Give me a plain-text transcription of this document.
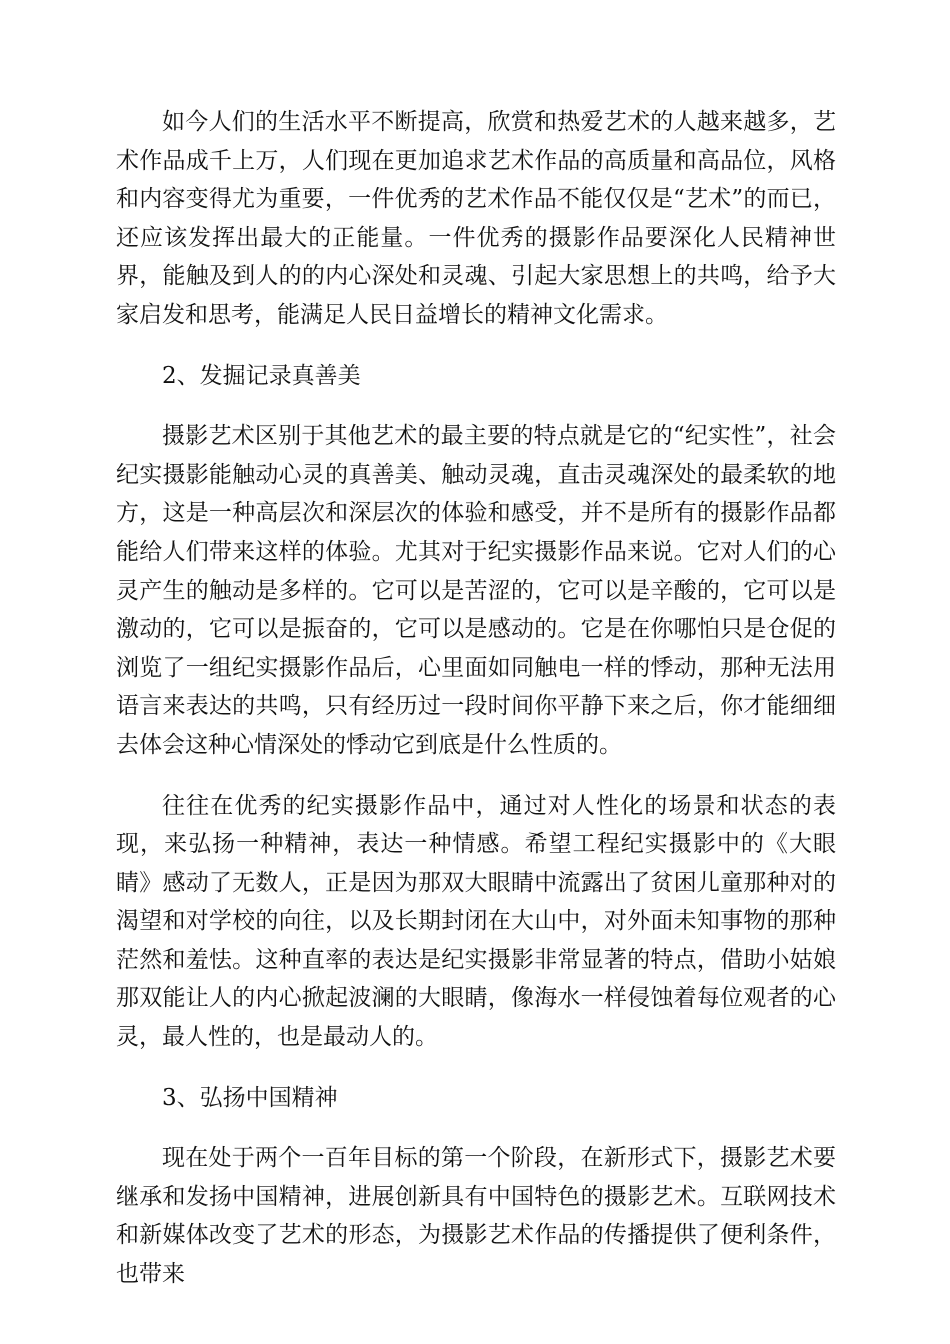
如今人们的生活水平不断提高，欣赏和热爱艺术的人越来越多，艺术作品成千上万，人们现在更加追求艺术作品的高质量和高品位，风格和内容变得尤为重要，一件优秀的艺术作品不能仅仅是“艺术”的而已，还应该发挥出最大的正能量。一件优秀的摄影作品要深化人民精神世界，能触及到人的的内心深处和灵魂、引起大家思想上的共鸣，给予大家启发和思考，能满足人民日益增长的精神文化需求。

2、发掘记录真善美

摄影艺术区别于其他艺术的最主要的特点就是它的“纪实性”，社会纪实摄影能触动心灵的真善美、触动灵魂，直击灵魂深处的最柔软的地方，这是一种高层次和深层次的体验和感受，并不是所有的摄影作品都能给人们带来这样的体验。尤其对于纪实摄影作品来说。它对人们的心灵产生的触动是多样的。它可以是苦涩的，它可以是辛酸的，它可以是激动的，它可以是振奋的，它可以是感动的。它是在你哪怕只是仓促的浏览了一组纪实摄影作品后，心里面如同触电一样的悸动，那种无法用语言来表达的共鸣，只有经历过一段时间你平静下来之后，你才能细细去体会这种心情深处的悸动它到底是什么性质的。

往往在优秀的纪实摄影作品中，通过对人性化的场景和状态的表现，来弘扬一种精神，表达一种情感。希望工程纪实摄影中的《大眼睛》感动了无数人，正是因为那双大眼睛中流露出了贫困儿童那种对的渴望和对学校的向往，以及长期封闭在大山中，对外面未知事物的那种茫然和羞怯。这种直率的表达是纪实摄影非常显著的特点，借助小姑娘那双能让人的内心掀起波澜的大眼睛，像海水一样侵蚀着每位观者的心灵，最人性的，也是最动人的。

3、弘扬中国精神

现在处于两个一百年目标的第一个阶段，在新形式下，摄影艺术要继承和发扬中国精神，进展创新具有中国特色的摄影艺术。互联网技术和新媒体改变了艺术的形态，为摄影艺术作品的传播提供了便利条件，也带来
